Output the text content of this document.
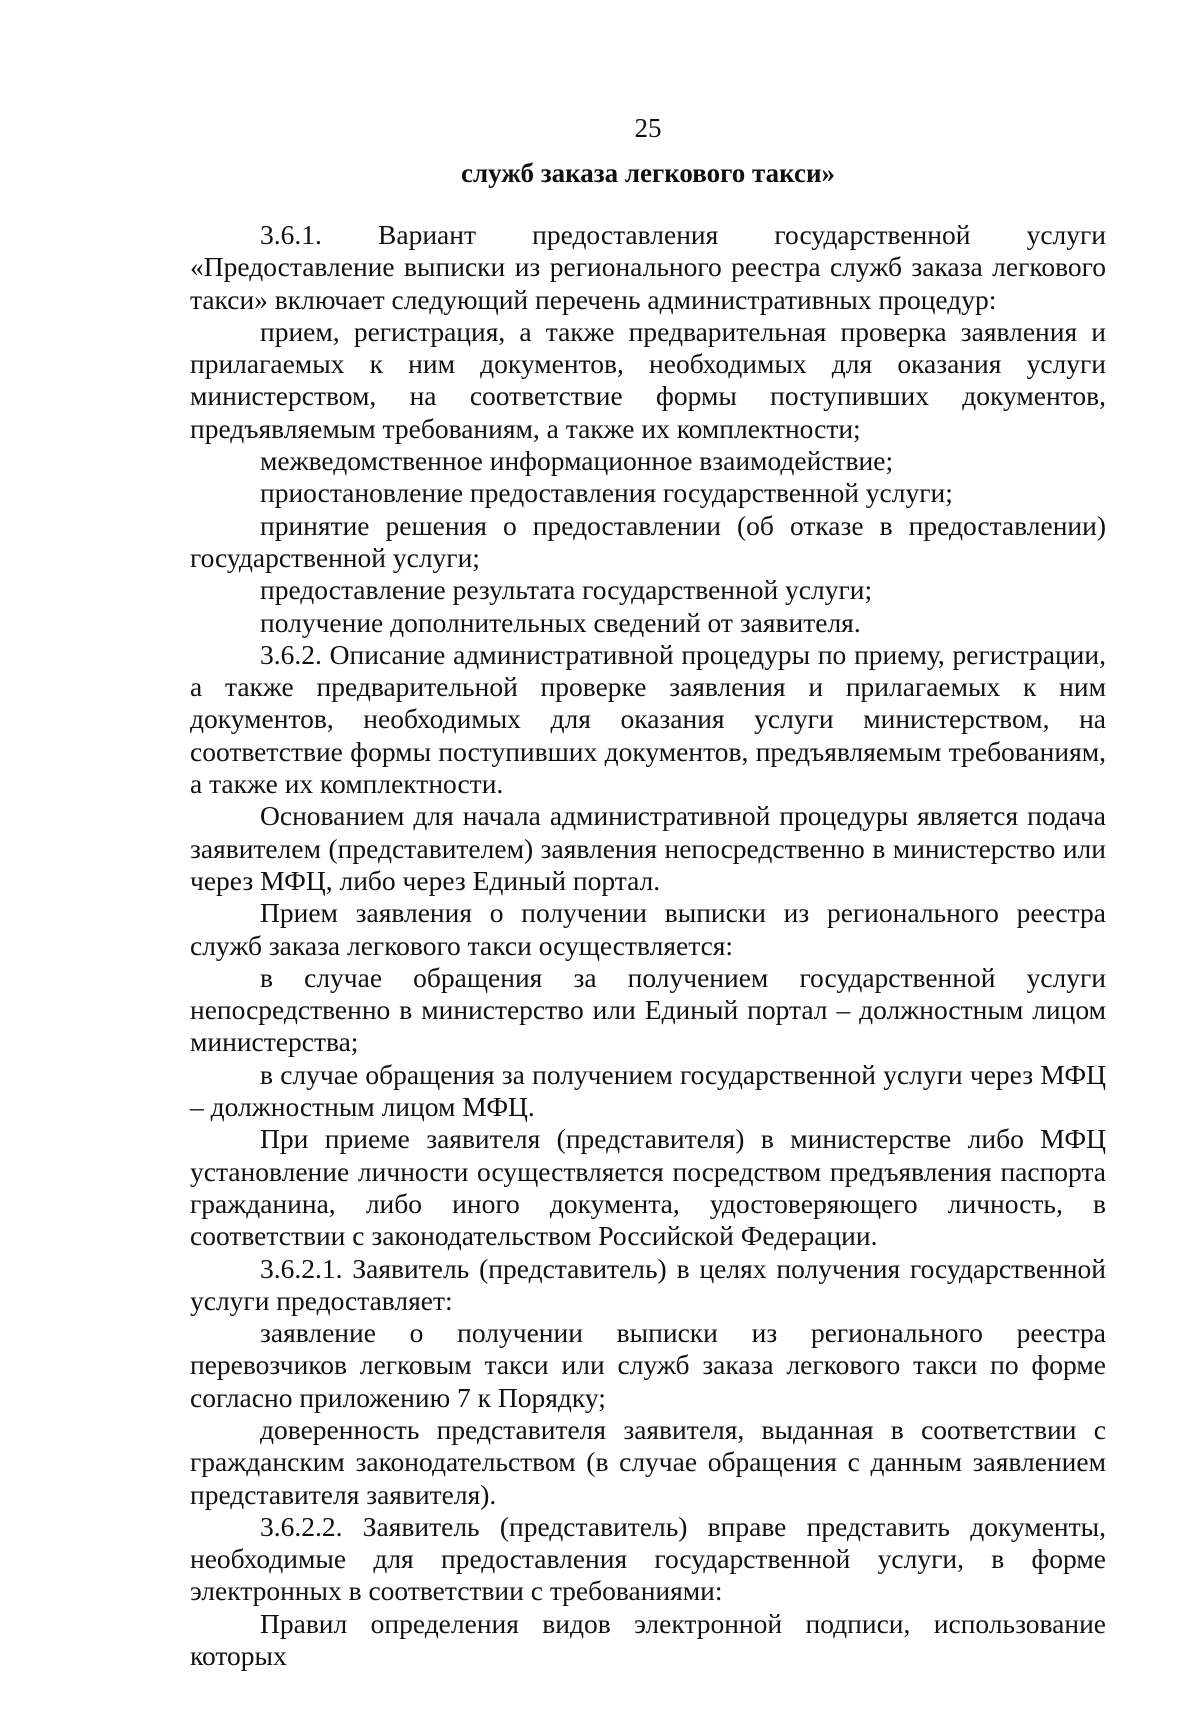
25
служб заказа легкового такси»

3.6.1. Вариант предоставления государственной услуги «Предоставление выписки из регионального реестра служб заказа легкового такси» включает следующий перечень административных процедур:

прием, регистрация, а также предварительная проверка заявления и прилагаемых к ним документов, необходимых для оказания услуги министерством, на соответствие формы поступивших документов, предъявляемым требованиям, а также их комплектности;

межведомственное информационное взаимодействие;

приостановление предоставления государственной услуги;

принятие решения о предоставлении (об отказе в предоставлении) государственной услуги;

предоставление результата государственной услуги;

получение дополнительных сведений от заявителя.

3.6.2. Описание административной процедуры по приему, регистрации, а также предварительной проверке заявления и прилагаемых к ним документов, необходимых для оказания услуги министерством, на соответствие формы поступивших документов, предъявляемым требованиям, а также их комплектности.

Основанием для начала административной процедуры является подача заявителем (представителем) заявления непосредственно в министерство или через МФЦ, либо через Единый портал.

Прием заявления о получении выписки из регионального реестра служб заказа легкового такси осуществляется:

в случае обращения за получением государственной услуги непосредственно в министерство или Единый портал – должностным лицом министерства;

в случае обращения за получением государственной услуги через МФЦ – должностным лицом МФЦ.

При приеме заявителя (представителя) в министерстве либо МФЦ установление личности осуществляется посредством предъявления паспорта гражданина, либо иного документа, удостоверяющего личность, в соответствии с законодательством Российской Федерации.

3.6.2.1. Заявитель (представитель) в целях получения государственной услуги предоставляет:

заявление о получении выписки из регионального реестра перевозчиков легковым такси или служб заказа легкового такси по форме согласно приложению 7 к Порядку;

доверенность представителя заявителя, выданная в соответствии с гражданским законодательством (в случае обращения с данным заявлением представителя заявителя).

3.6.2.2. Заявитель (представитель) вправе представить документы, необходимые для предоставления государственной услуги, в форме электронных в соответствии с требованиями:

Правил определения видов электронной подписи, использование которых
